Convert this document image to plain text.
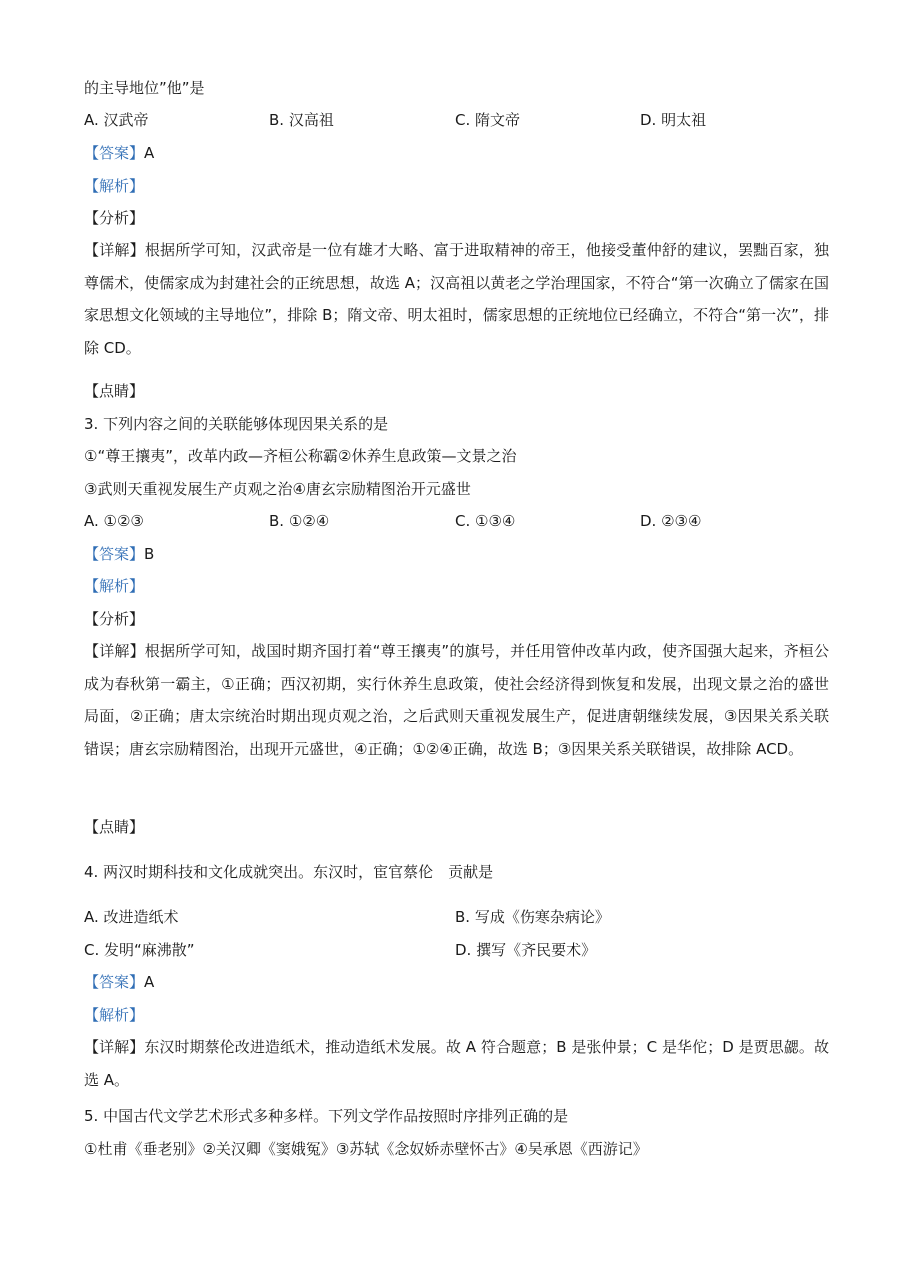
的主导地位”他”是
A. 汉武帝	B. 汉高祖	C. 隋文帝	D. 明太祖
【答案】A
【解析】
【分析】
【详解】根据所学可知，汉武帝是一位有雄才大略、富于进取精神的帝王，他接受董仲舒的建议，罢黜百家，独尊儒术，使儒家成为封建社会的正统思想，故选 A；汉高祖以黄老之学治理国家，不符合“第一次确立了儒家在国家思想文化领域的主导地位”，排除 B；隋文帝、明太祖时，儒家思想的正统地位已经确立，不符合“第一次”，排除 CD。
【点睛】
3. 下列内容之间的关联能够体现因果关系的是
①“尊王攘夷”，改革内政—齐桓公称霸②休养生息政策—文景之治
③武则天重视发展生产贞观之治④唐玄宗励精图治开元盛世
A. ①②③	B. ①②④	C. ①③④	D. ②③④
【答案】B
【解析】
【分析】
【详解】根据所学可知，战国时期齐国打着“尊王攘夷”的旗号，并任用管仲改革内政，使齐国强大起来，齐桓公成为春秋第一霸主，①正确；西汉初期，实行休养生息政策，使社会经济得到恢复和发展，出现文景之治的盛世局面，②正确；唐太宗统治时期出现贞观之治，之后武则天重视发展生产，促进唐朝继续发展，③因果关系关联错误；唐玄宗励精图治，出现开元盛世，④正确；①②④正确，故选 B；③因果关系关联错误，故排除 ACD。
【点睛】
4. 两汉时期科技和文化成就突出。东汉时，宦官蔡伦　贡献是
A. 改进造纸术	B. 写成《伤寒杂病论》
C. 发明“麻沸散”	D. 撰写《齐民要术》
【答案】A
【解析】
【详解】东汉时期蔡伦改进造纸术，推动造纸术发展。故 A 符合题意；B 是张仲景；C 是华佗；D 是贾思勰。故选 A。
5. 中国古代文学艺术形式多种多样。下列文学作品按照时序排列正确的是
①杜甫《垂老别》②关汉卿《窦娥冤》③苏轼《念奴娇赤壁怀古》④吴承恩《西游记》
